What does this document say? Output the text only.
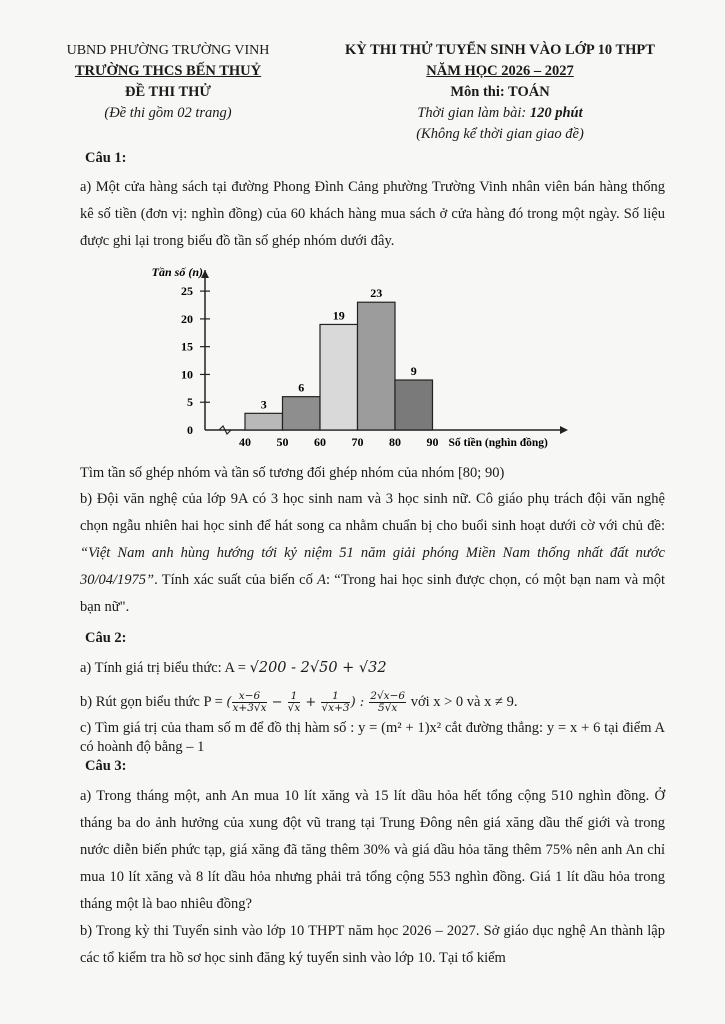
UBND PHƯỜNG TRƯỜNG VINH
TRƯỜNG THCS BẾN THUỶ
ĐỀ THI THỬ
(Đề thi gồm 02 trang)
KỲ THI THỬ TUYỂN SINH VÀO LỚP 10 THPT
NĂM HỌC 2026 – 2027
Môn thi: TOÁN
Thời gian làm bài: 120 phút
(Không kể thời gian giao đề)
Câu 1:
a) Một cửa hàng sách tại đường Phong Đình Cảng phường Trường Vinh nhân viên bán hàng thống kê số tiền (đơn vị: nghìn đồng) của 60 khách hàng mua sách ở cửa hàng đó trong một ngày. Số liệu được ghi lại trong biểu đồ tần số ghép nhóm dưới đây.
0
5
10
15
20
25
40 50 60 70 80 90
3
6
19
23
9
Tần số (n)
Số tiền (nghìn đồng)
Tìm tần số ghép nhóm và tần số tương đối ghép nhóm của nhóm [80; 90)
b) Đội văn nghệ của lớp 9A có 3 học sinh nam và 3 học sinh nữ. Cô giáo phụ trách đội văn nghệ chọn ngẫu nhiên hai học sinh để hát song ca nhằm chuẩn bị cho buổi sinh hoạt dưới cờ với chủ đề: “Việt Nam anh hùng hướng tới kỷ niệm 51 năm giải phóng Miền Nam thống nhất đất nước 30/04/1975”. Tính xác suất của biến cố A: “Trong hai học sinh được chọn, có một bạn nam và một bạn nữ".
Câu 2:
a) Tính giá trị biểu thức: A = √200 - 2√50 + √32
b) Rút gọn biểu thức P = ( $\frac{x-6}{x+3√x} - \frac{1}{√x} + \frac{1}{√x+3}$ ) : $\frac{2√x-6}{5√x}$ với x > 0 và x ≠ 9.
c) Tìm giá trị của tham số m để đồ thị hàm số : y = (m² + 1)x² cắt đường thẳng: y = x + 6 tại điểm A có hoành độ bằng – 1
Câu 3:
a) Trong tháng một, anh An mua 10 lít xăng và 15 lít dầu hỏa hết tổng cộng 510 nghìn đồng. Ở tháng ba do ảnh hưởng của xung đột vũ trang tại Trung Đông nên giá xăng dầu thế giới và trong nước diễn biến phức tạp, giá xăng đã tăng thêm 30% và giá dầu hỏa tăng thêm 75% nên anh An chỉ mua 10 lít xăng và 8 lít dầu hỏa nhưng phải trả tổng cộng 553 nghìn đồng. Giá 1 lít dầu hỏa trong tháng một là bao nhiêu đồng?
b) Trong kỳ thi Tuyển sinh vào lớp 10 THPT năm học 2026 – 2027. Sở giáo dục nghệ An thành lập các tổ kiểm tra hồ sơ học sinh đăng ký tuyển sinh vào lớp 10. Tại tổ kiểm
